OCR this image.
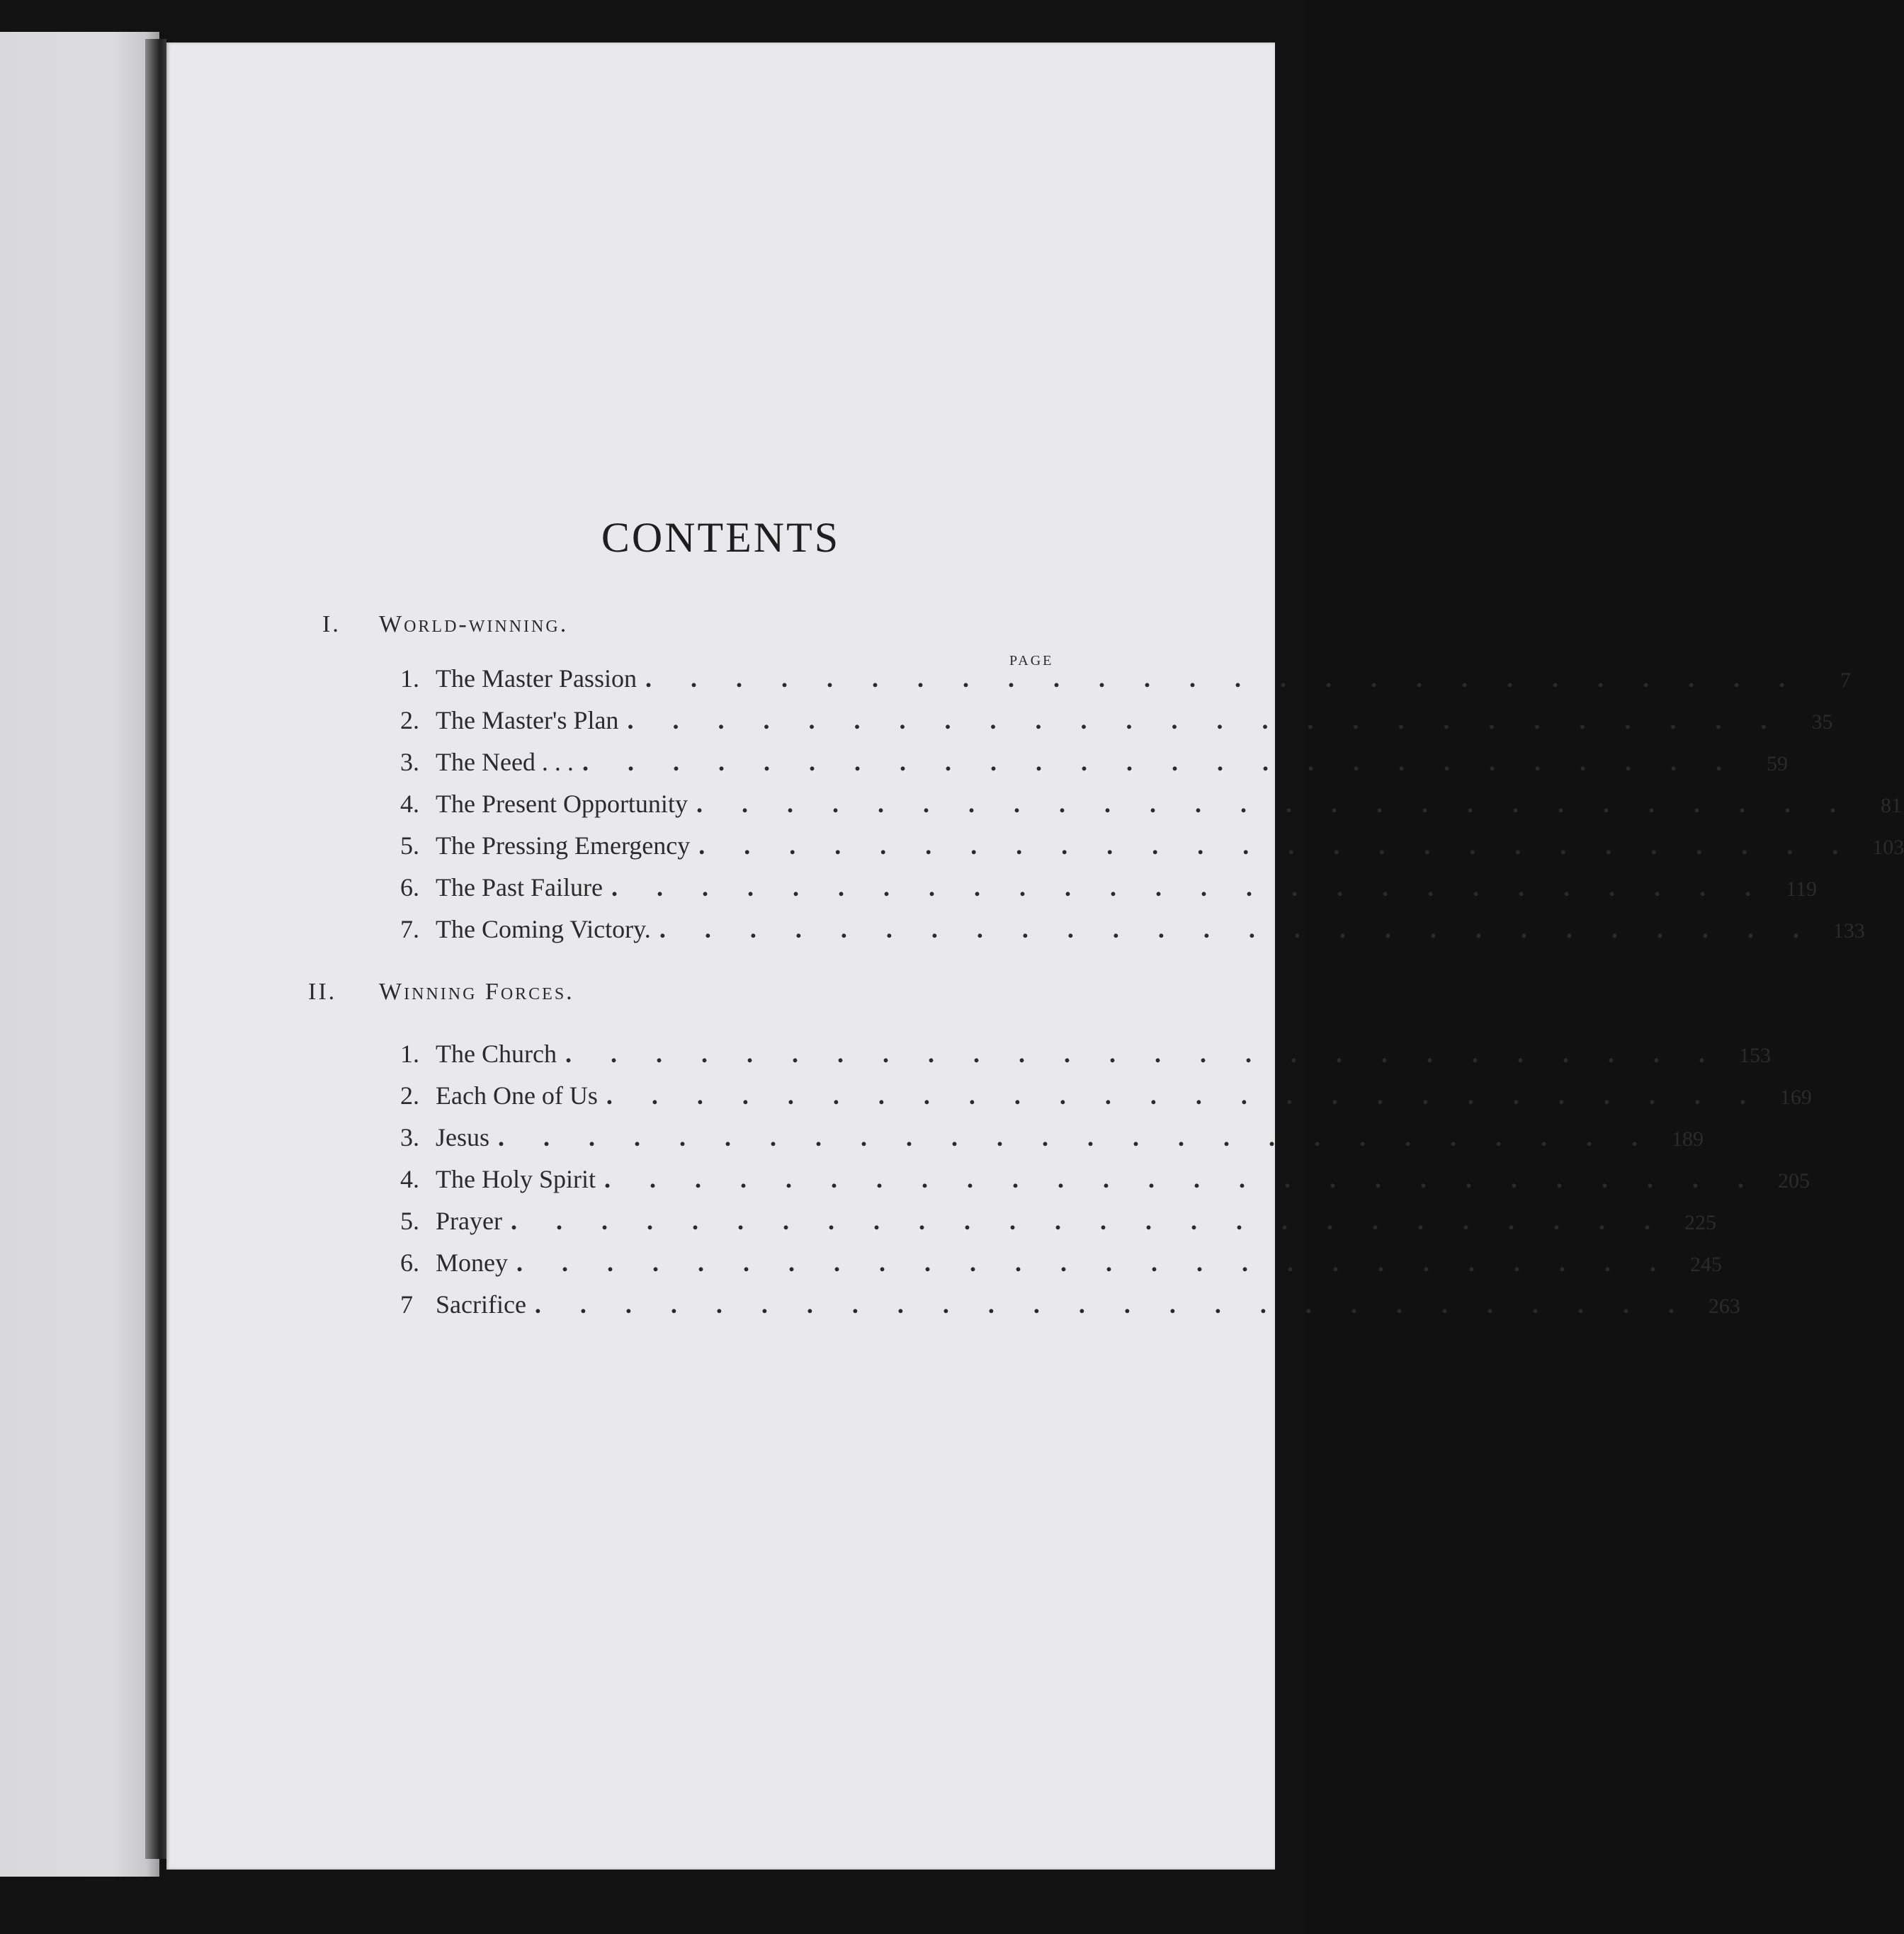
CONTENTS
I. World-winning.
PAGE
1. The Master Passion . . . . . . . . . . . . . . . . . . . . . . . . . .	7
2. The Master's Plan . . . . . . . . . . . . . . . . . . . . . . . . . .	35
3. The Need . . . . . . . . . . . . . . . . . . . . . . . . . . . . .	59
4. The Present Opportunity . . . . . . . . . . . . . . . . . . . . . . . . . .	81
5. The Pressing Emergency . . . . . . . . . . . . . . . . . . . . . . . . . . 103
6. The Past Failure . . . . . . . . . . . . . . . . . . . . . . . . . . 119
7. The Coming Victory. . . . . . . . . . . . . . . . . . . . . . . . . . . 133
II. Winning Forces.
1. The Church . . . . . . . . . . . . . . . . . . . . . . . . . . 153
2. Each One of Us . . . . . . . . . . . . . . . . . . . . . . . . . . 169
3. Jesus . . . . . . . . . . . . . . . . . . . . . . . . . . 189
4. The Holy Spirit . . . . . . . . . . . . . . . . . . . . . . . . . . 205
5. Prayer . . . . . . . . . . . . . . . . . . . . . . . . . . 225
6. Money . . . . . . . . . . . . . . . . . . . . . . . . . . 245
7 Sacrifice . . . . . . . . . . . . . . . . . . . . . . . . . . 263
